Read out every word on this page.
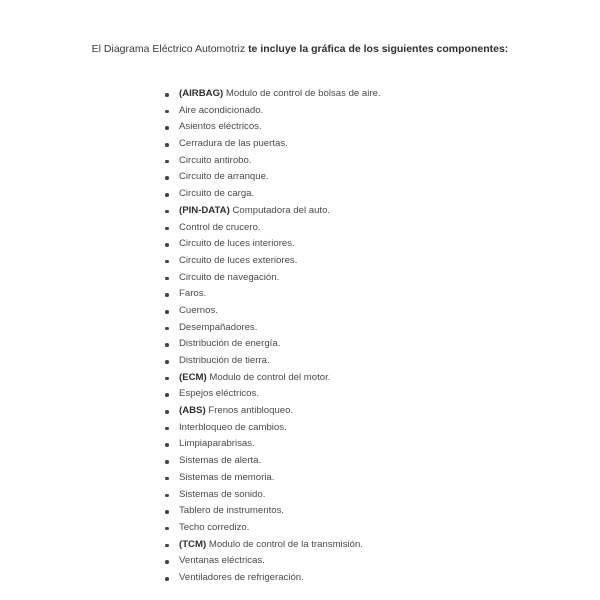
El Diagrama Eléctrico Automotriz te incluye la gráfica de los siguientes componentes:

(AIRBAG) Modulo de control de bolsas de aire.
Aire acondicionado.
Asientos eléctricos.
Cerradura de las puertas.
Circuito antirobo.
Circuito de arranque.
Circuito de carga.
(PIN-DATA) Computadora del auto.
Control de crucero.
Circuito de luces interiores.
Circuito de luces exteriores.
Circuito de navegación.
Faros.
Cuernos.
Desempañadores.
Distribución de energía.
Distribución de tierra.
(ECM) Modulo de control del motor.
Espejos eléctricos.
(ABS) Frenos antibloqueo.
Interbloqueo de cambios.
Limpiaparabrisas.
Sistemas de alerta.
Sistemas de memoria.
Sistemas de sonido.
Tablero de instrumentos.
Techo corredizo.
(TCM) Modulo de control de la transmisión.
Ventanas eléctricas.
Ventiladores de refrigeración.
